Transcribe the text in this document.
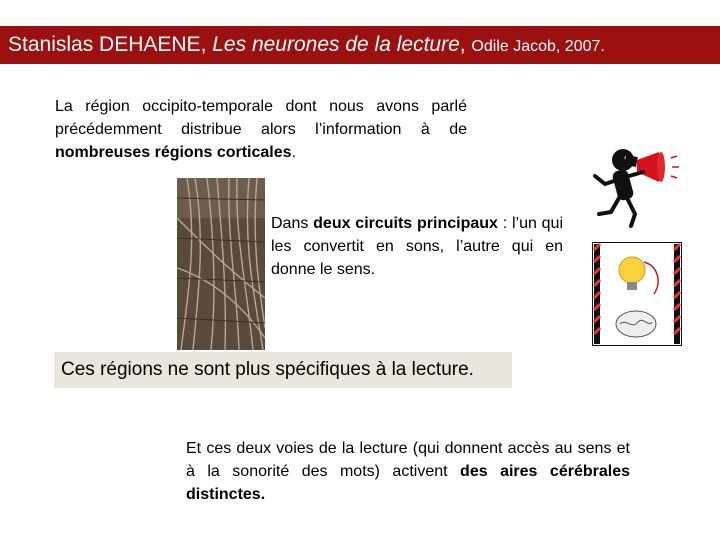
Stanislas DEHAENE, Les neurones de la lecture, Odile Jacob, 2007.
La région occipito-temporale dont nous avons parlé précédemment distribue alors l’information à de nombreuses régions corticales.
Dans deux circuits principaux : l’un qui les convertit en sons, l’autre qui en donne le sens.
Ces régions ne sont plus spécifiques à la lecture.
Et ces deux voies de la lecture (qui donnent accès au sens et à la sonorité des mots) activent des aires cérébrales distinctes.
